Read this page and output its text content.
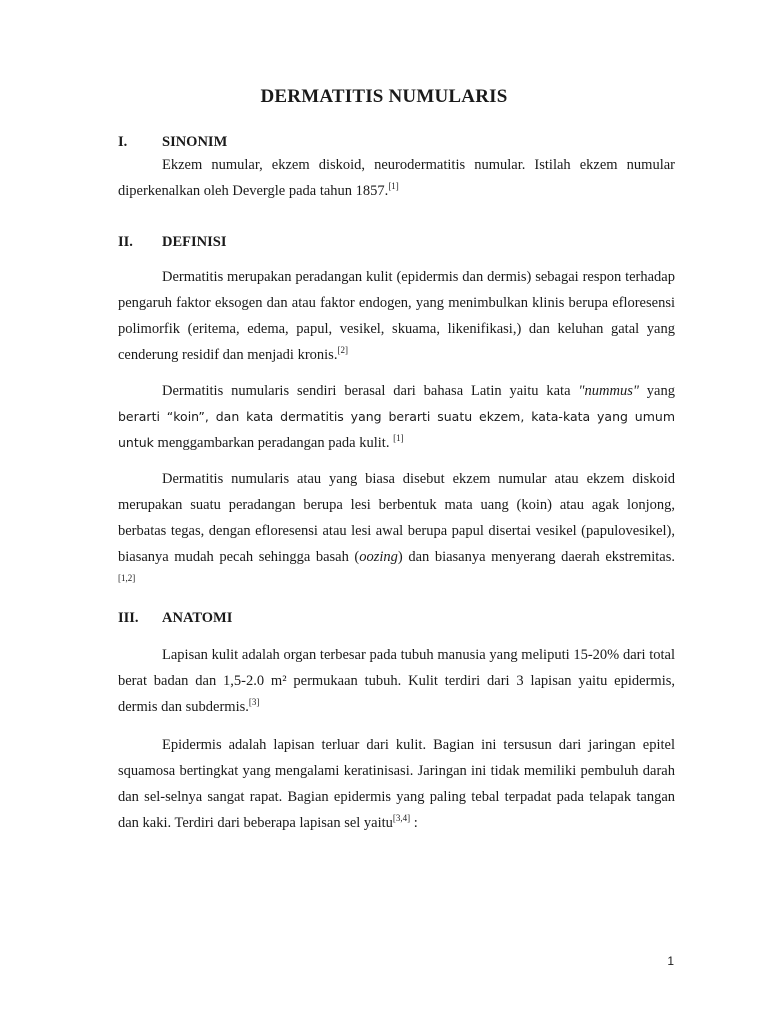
DERMATITIS NUMULARIS
I. SINONIM

Ekzem numular, ekzem diskoid, neurodermatitis numular. Istilah ekzem numular diperkenalkan oleh Devergle pada tahun 1857.[1]

II. DEFINISI

Dermatitis merupakan peradangan kulit (epidermis dan dermis) sebagai respon terhadap pengaruh faktor eksogen dan atau faktor endogen, yang menimbulkan klinis berupa efloresensi polimorfik (eritema, edema, papul, vesikel, skuama, likenifikasi,) dan keluhan gatal yang cenderung residif dan menjadi kronis.[2]

Dermatitis numularis sendiri berasal dari bahasa Latin yaitu kata "nummus" yang berarti “koin”, dan kata dermatitis yang berarti suatu ekzem, kata-kata yang umum untuk menggambarkan peradangan pada kulit. [1]

Dermatitis numularis atau yang biasa disebut ekzem numular atau ekzem diskoid merupakan suatu peradangan berupa lesi berbentuk mata uang (koin) atau agak lonjong, berbatas tegas, dengan efloresensi atau lesi awal berupa papul disertai vesikel (papulovesikel), biasanya mudah pecah sehingga basah (oozing) dan biasanya menyerang daerah ekstremitas. [1,2]

III. ANATOMI

Lapisan kulit adalah organ terbesar pada tubuh manusia yang meliputi 15-20% dari total berat badan dan 1,5-2.0 m² permukaan tubuh. Kulit terdiri dari 3 lapisan yaitu epidermis, dermis dan subdermis.[3]

Epidermis adalah lapisan terluar dari kulit. Bagian ini tersusun dari jaringan epitel squamosa bertingkat yang mengalami keratinisasi. Jaringan ini tidak memiliki pembuluh darah dan sel-selnya sangat rapat. Bagian epidermis yang paling tebal terpadat pada telapak tangan dan kaki. Terdiri dari beberapa lapisan sel yaitu[3,4] :

1
